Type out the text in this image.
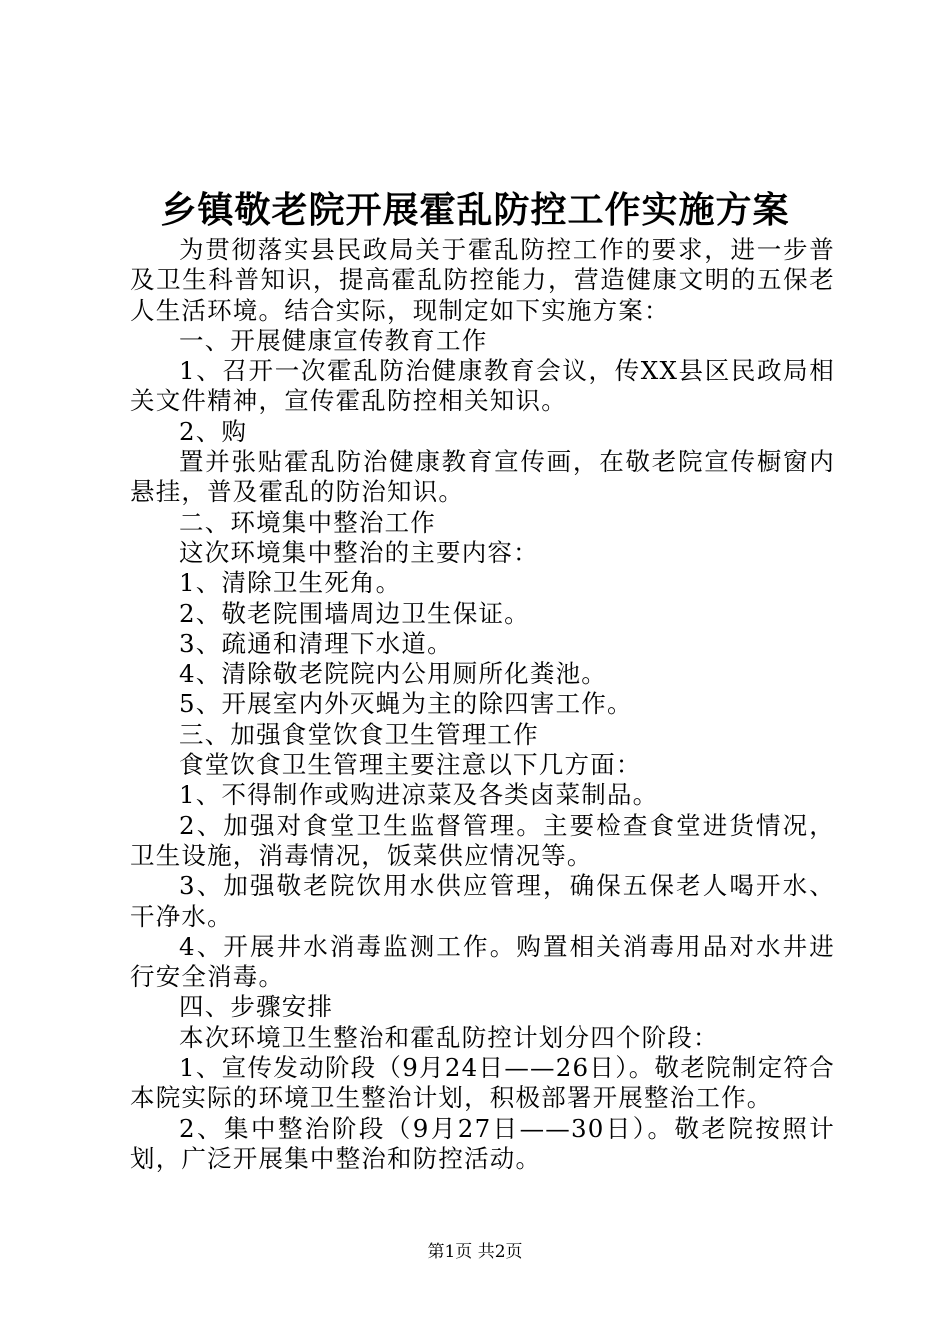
乡镇敬老院开展霍乱防控工作实施方案

为贯彻落实县民政局关于霍乱防控工作的要求，进一步普及卫生科普知识，提高霍乱防控能力，营造健康文明的五保老人生活环境。结合实际，现制定如下实施方案：

一、开展健康宣传教育工作

1、召开一次霍乱防治健康教育会议，传XX县区民政局相关文件精神，宣传霍乱防控相关知识。

2、购

置并张贴霍乱防治健康教育宣传画，在敬老院宣传橱窗内悬挂，普及霍乱的防治知识。

二、环境集中整治工作

这次环境集中整治的主要内容：

1、清除卫生死角。

2、敬老院围墙周边卫生保证。

3、疏通和清理下水道。

4、清除敬老院院内公用厕所化粪池。

5、开展室内外灭蝇为主的除四害工作。

三、加强食堂饮食卫生管理工作

食堂饮食卫生管理主要注意以下几方面：

1、不得制作或购进凉菜及各类卤菜制品。

2、加强对食堂卫生监督管理。主要检查食堂进货情况，卫生设施，消毒情况，饭菜供应情况等。

3、加强敬老院饮用水供应管理，确保五保老人喝开水、干净水。

4、开展井水消毒监测工作。购置相关消毒用品对水井进行安全消毒。

四、步骤安排

本次环境卫生整治和霍乱防控计划分四个阶段：

1、宣传发动阶段（9月24日——26日）。敬老院制定符合本院实际的环境卫生整治计划，积极部署开展整治工作。

2、集中整治阶段（9月27日——30日）。敬老院按照计划，广泛开展集中整治和防控活动。

第1页 共2页
